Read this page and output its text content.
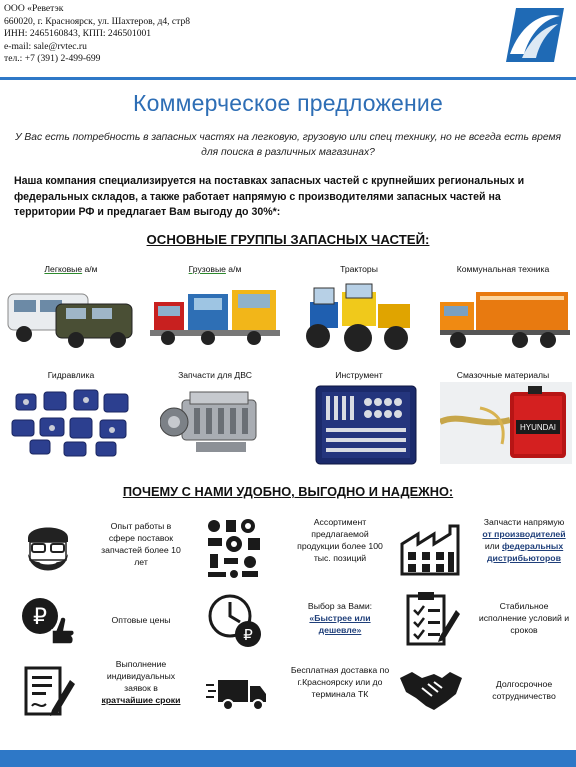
ООО «Реветэк
660020, г. Красноярск, ул. Шахтеров, д4, стр8
ИНН: 2465160843, КПП: 246501001
e-mail: sale@rvtec.ru
тел.: +7 (391) 2-499-699
Коммерческое предложение
У Вас есть потребность в запасных частях на легковую, грузовую или спец технику, но не всегда есть время для поиска в различных магазинах?
Наша компания специализируется на поставках запасных частей с крупнейших региональных и федеральных складов, а также работает напрямую с производителями запасных частей на территории РФ и предлагает Вам выгоду до 30%*:
ОСНОВНЫЕ ГРУППЫ ЗАПАСНЫХ ЧАСТЕЙ:
Легковые а/м	Грузовые а/м	Тракторы	Коммунальная техника
Гидравлика	Запчасти для ДВС	Инструмент	Смазочные материалы
HYUNDAI
ПОЧЕМУ С НАМИ УДОБНО, ВЫГОДНО И НАДЕЖНО:
Опыт работы в сфере поставок запчастей более 10 лет
Ассортимент предлагаемой продукции более 100 тыс. позиций
Запчасти напрямую от производителей или федеральных дистрибьюторов
₽	Оптовые цены
₽
Выбор за Вами:
«Быстрее или дешевле»
Стабильное исполнение условий и сроков
Выполнение индивидуальных заявок в
кратчайшие сроки
Бесплатная доставка по г.Красноярску или до терминала ТК
Долгосрочное сотрудничество
